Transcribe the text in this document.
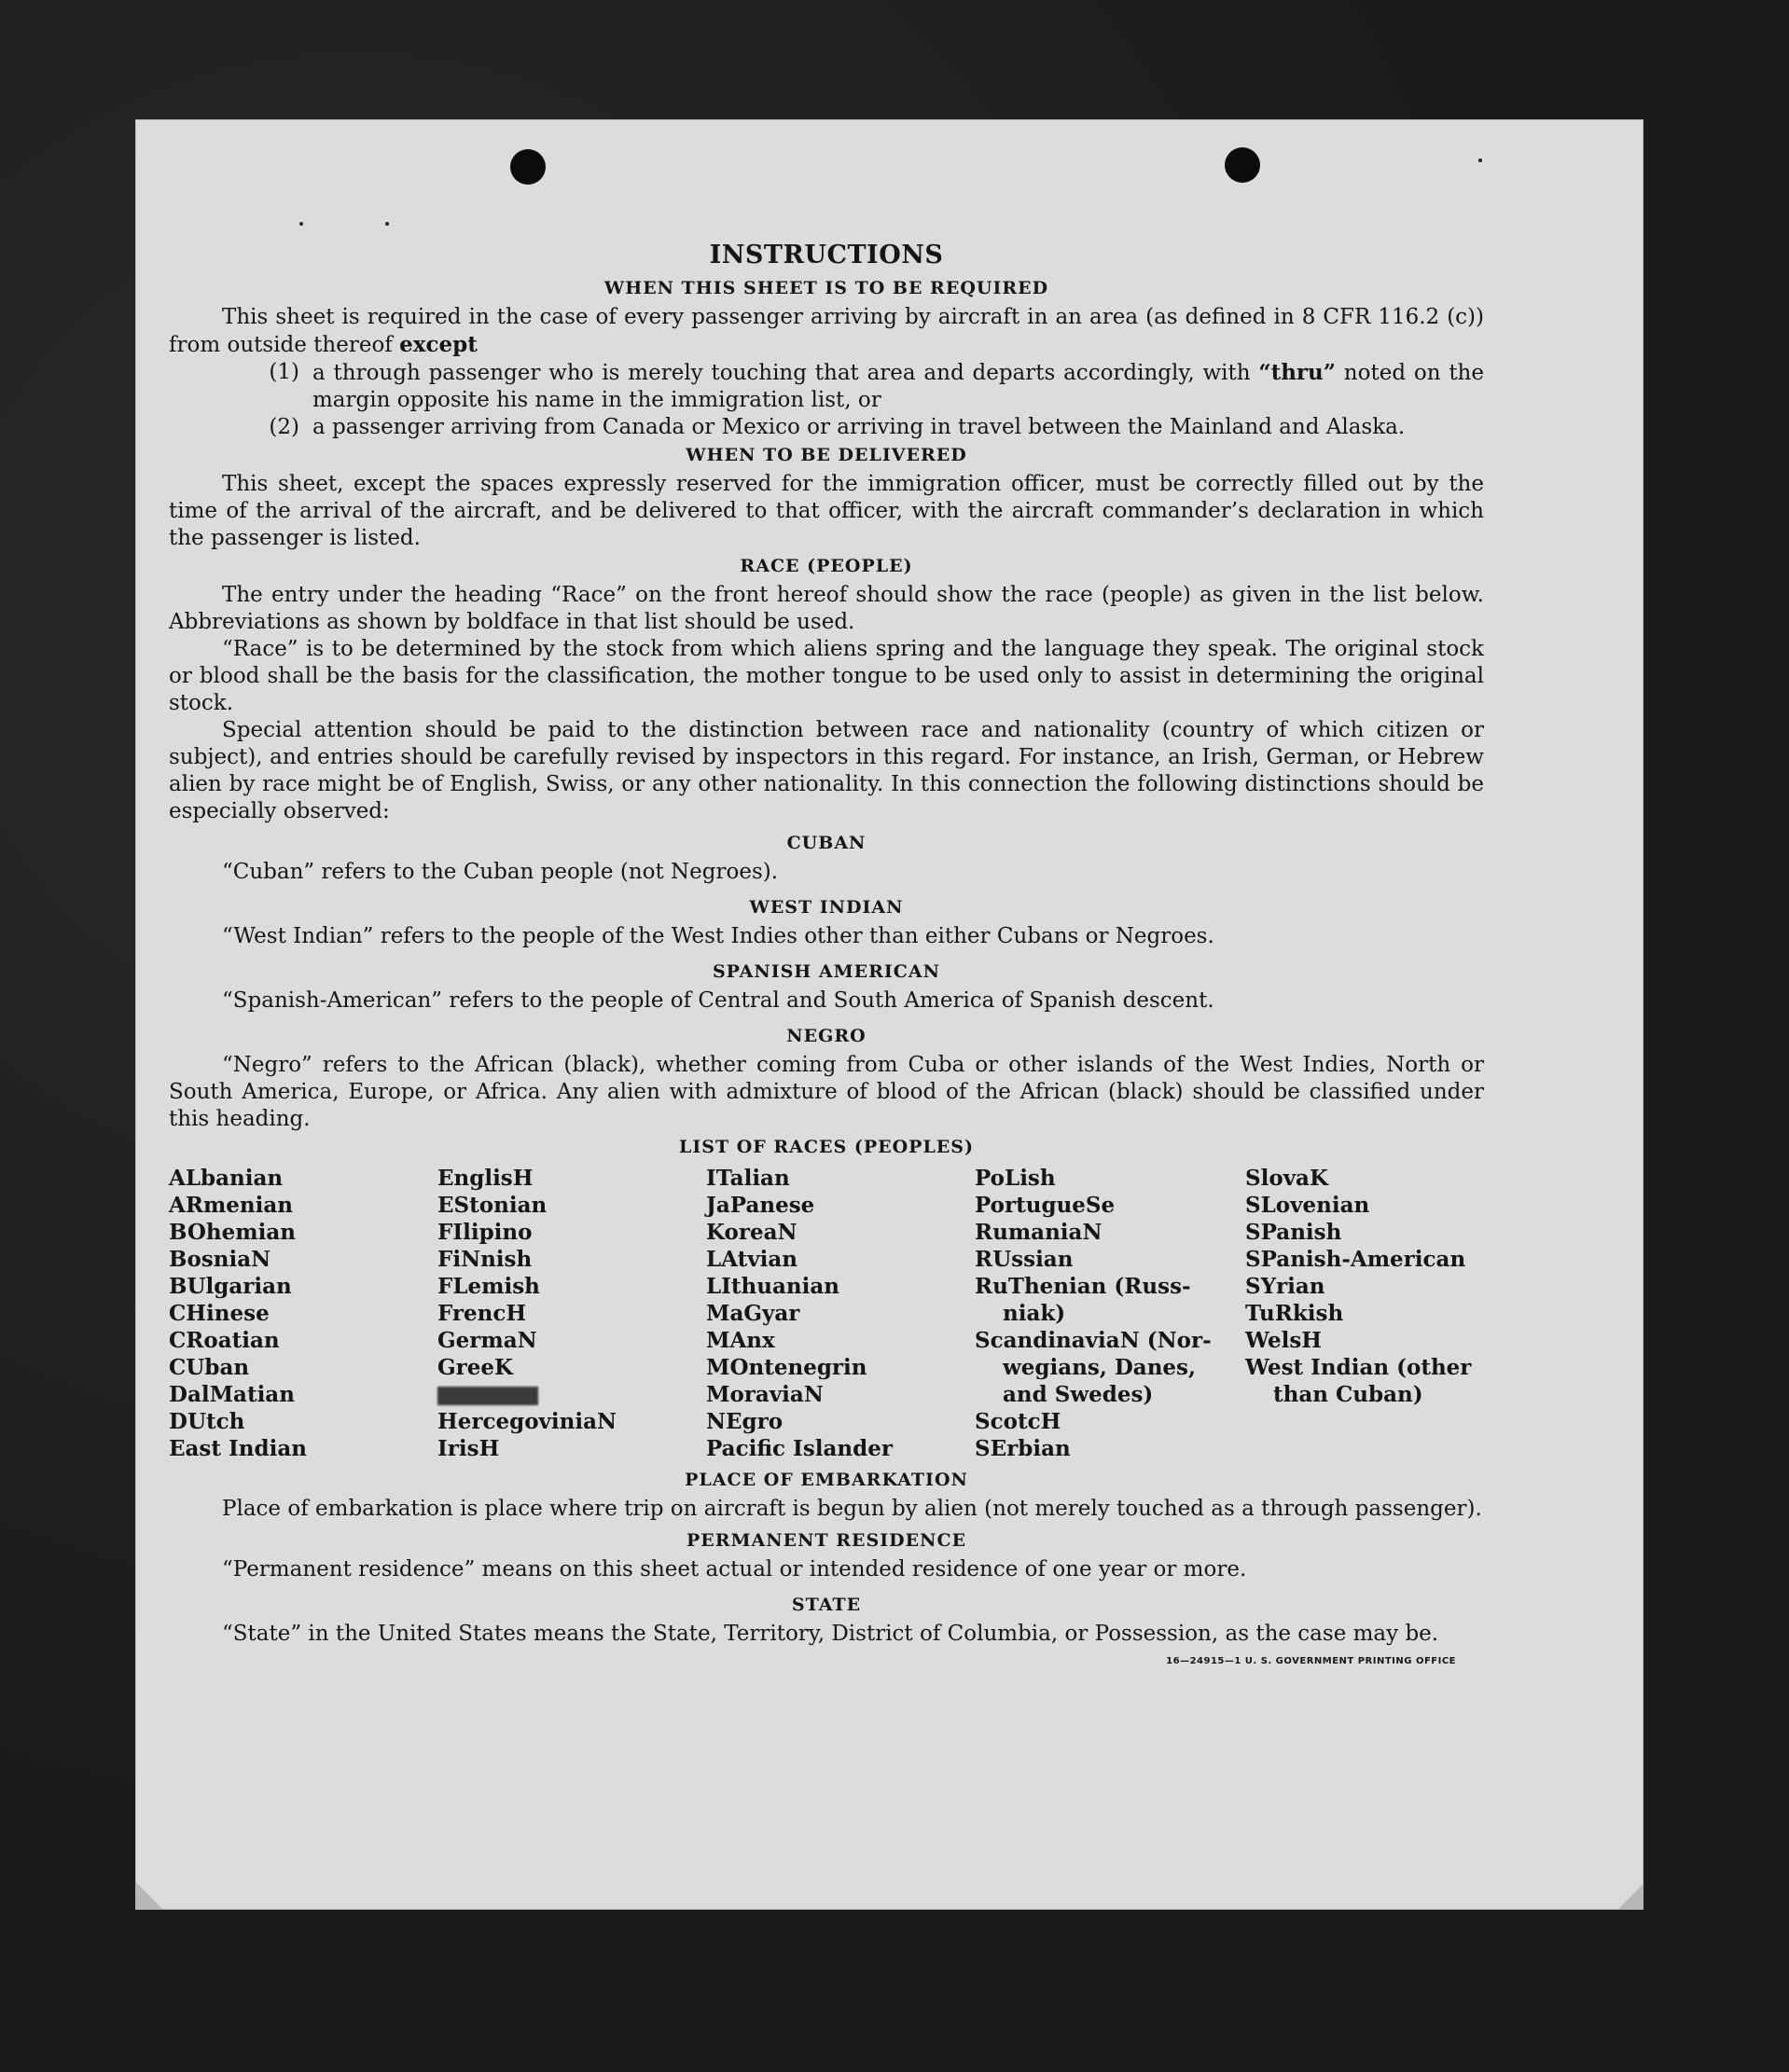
INSTRUCTIONS
WHEN THIS SHEET IS TO BE REQUIRED

This sheet is required in the case of every passenger arriving by aircraft in an area (as defined in 8 CFR 116.2 (c)) from outside thereof except

(1) a through passenger who is merely touching that area and departs accordingly, with “thru” noted on the margin opposite his name in the immigration list, or
(2) a passenger arriving from Canada or Mexico or arriving in travel between the Mainland and Alaska.
WHEN TO BE DELIVERED

This sheet, except the spaces expressly reserved for the immigration officer, must be correctly filled out by the time of the arrival of the aircraft, and be delivered to that officer, with the aircraft commander’s declaration in which the passenger is listed.

RACE (PEOPLE)

The entry under the heading “Race” on the front hereof should show the race (people) as given in the list below. Abbreviations as shown by boldface in that list should be used.

“Race” is to be determined by the stock from which aliens spring and the language they speak. The original stock or blood shall be the basis for the classification, the mother tongue to be used only to assist in determining the original stock.

Special attention should be paid to the distinction between race and nationality (country of which citizen or subject), and entries should be carefully revised by inspectors in this regard. For instance, an Irish, German, or Hebrew alien by race might be of English, Swiss, or any other nationality. In this connection the following distinctions should be especially observed:

CUBAN

“Cuban” refers to the Cuban people (not Negroes).

WEST INDIAN

“West Indian” refers to the people of the West Indies other than either Cubans or Negroes.

SPANISH AMERICAN

“Spanish-American” refers to the people of Central and South America of Spanish descent.

NEGRO

“Negro” refers to the African (black), whether coming from Cuba or other islands of the West Indies, North or South America, Europe, or Africa. Any alien with admixture of blood of the African (black) should be classified under this heading.

LIST OF RACES (PEOPLES)
ALbanian
ARmenian
BOhemian
BosniaN
BUlgarian
CHinese
CRoatian
CUban
DalMatian
DUtch
East Indian
EnglisH
EStonian
FIlipino
FiNnish
FLemish
FrencH
GermaN
GreeK
HercegoviniaN
IrisH
ITalian
JaPanese
KoreaN
LAtvian
LIthuanian
MaGyar
MAnx
MOntenegrin
MoraviaN
NEgro
Pacific Islander
PoLish
PortugueSe
RumaniaN
RUssian
RuThenian (Russ-
niak)
ScandinaviaN (Nor-
wegians, Danes,
and Swedes)
ScotcH
SErbian
SlovaK
SLovenian
SPanish
SPanish-American
SYrian
TuRkish
WelsH
West Indian (other
than Cuban)
PLACE OF EMBARKATION

Place of embarkation is place where trip on aircraft is begun by alien (not merely touched as a through passenger).

PERMANENT RESIDENCE

“Permanent residence” means on this sheet actual or intended residence of one year or more.

STATE

“State” in the United States means the State, Territory, District of Columbia, or Possession, as the case may be.

16—24915—1 U. S. GOVERNMENT PRINTING OFFICE
